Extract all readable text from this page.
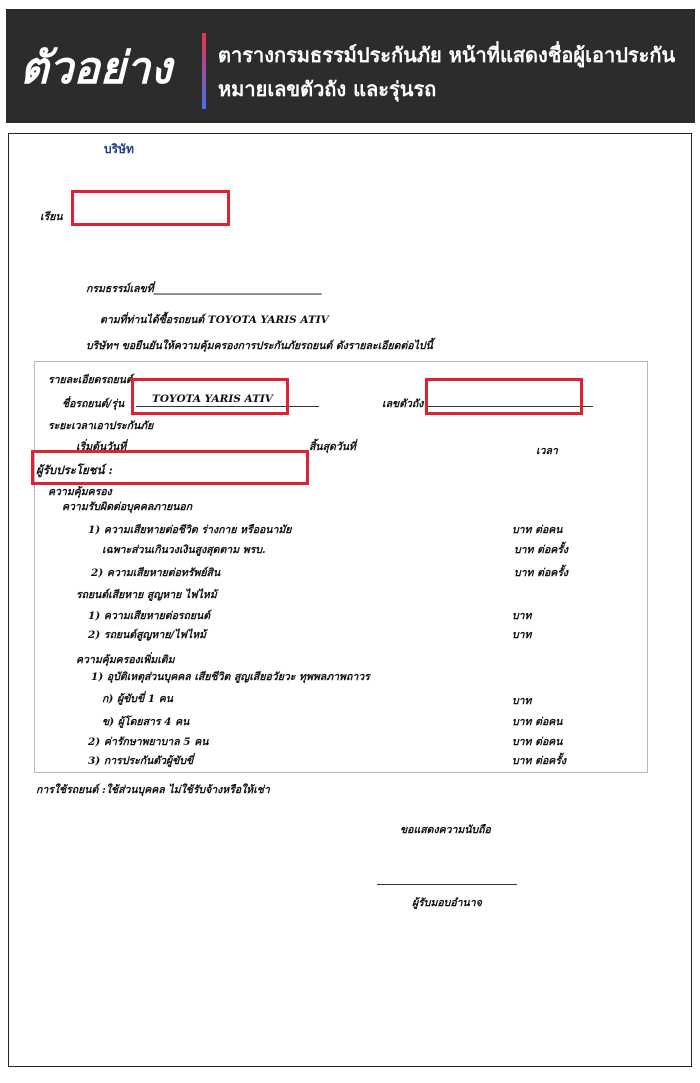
ตัวอย่าง ตารางกรมธรรม์ประกันภัย หน้าที่แสดงชื่อผู้เอาประกัน
หมายเลขตัวถัง และรุ่นรถ
บริษัท
เรียน
กรมธรรม์เลขที่________________________________
ตามที่ท่านได้ซื้อรถยนต์ TOYOTA YARIS ATIV
บริษัทฯ ขอยืนยันให้ความคุ้มครองการประกันภัยรถยนต์ ดังรายละเอียดต่อไปนี้
รายละเอียดรถยนต์
ชื่อรถยนต์/รุ่น	TOYOTA YARIS ATIV	เลขตัวถัง
ระยะเวลาเอาประกันภัย
เริ่มต้นวันที่	สิ้นสุดวันที่	เวลา
ผู้รับประโยชน์ :
ความคุ้มครอง
ความรับผิดต่อบุคคลภายนอก
1) ความเสียหายต่อชีวิต ร่างกาย หรืออนามัย	บาท ต่อคน
เฉพาะส่วนเกินวงเงินสูงสุดตาม พรบ.	บาท ต่อครั้ง
2) ความเสียหายต่อทรัพย์สิน	บาท ต่อครั้ง
รถยนต์เสียหาย สูญหาย ไฟไหม้
1) ความเสียหายต่อรถยนต์	บาท
2) รถยนต์สูญหาย/ไฟไหม้	บาท
ความคุ้มครองเพิ่มเติม
1) อุบัติเหตุส่วนบุคคล เสียชีวิต สูญเสียอวัยวะ ทุพพลภาพถาวร
ก) ผู้ขับขี่ 1 คน	บาท
ข) ผู้โดยสาร 4 คน	บาท ต่อคน
2) ค่ารักษาพยาบาล 5 คน	บาท ต่อคน
3) การประกันตัวผู้ขับขี่	บาท ต่อครั้ง
การใช้รถยนต์ :ใช้ส่วนบุคคล ไม่ใช้รับจ้างหรือให้เช่า
ขอแสดงความนับถือ
ผู้รับมอบอำนาจ
